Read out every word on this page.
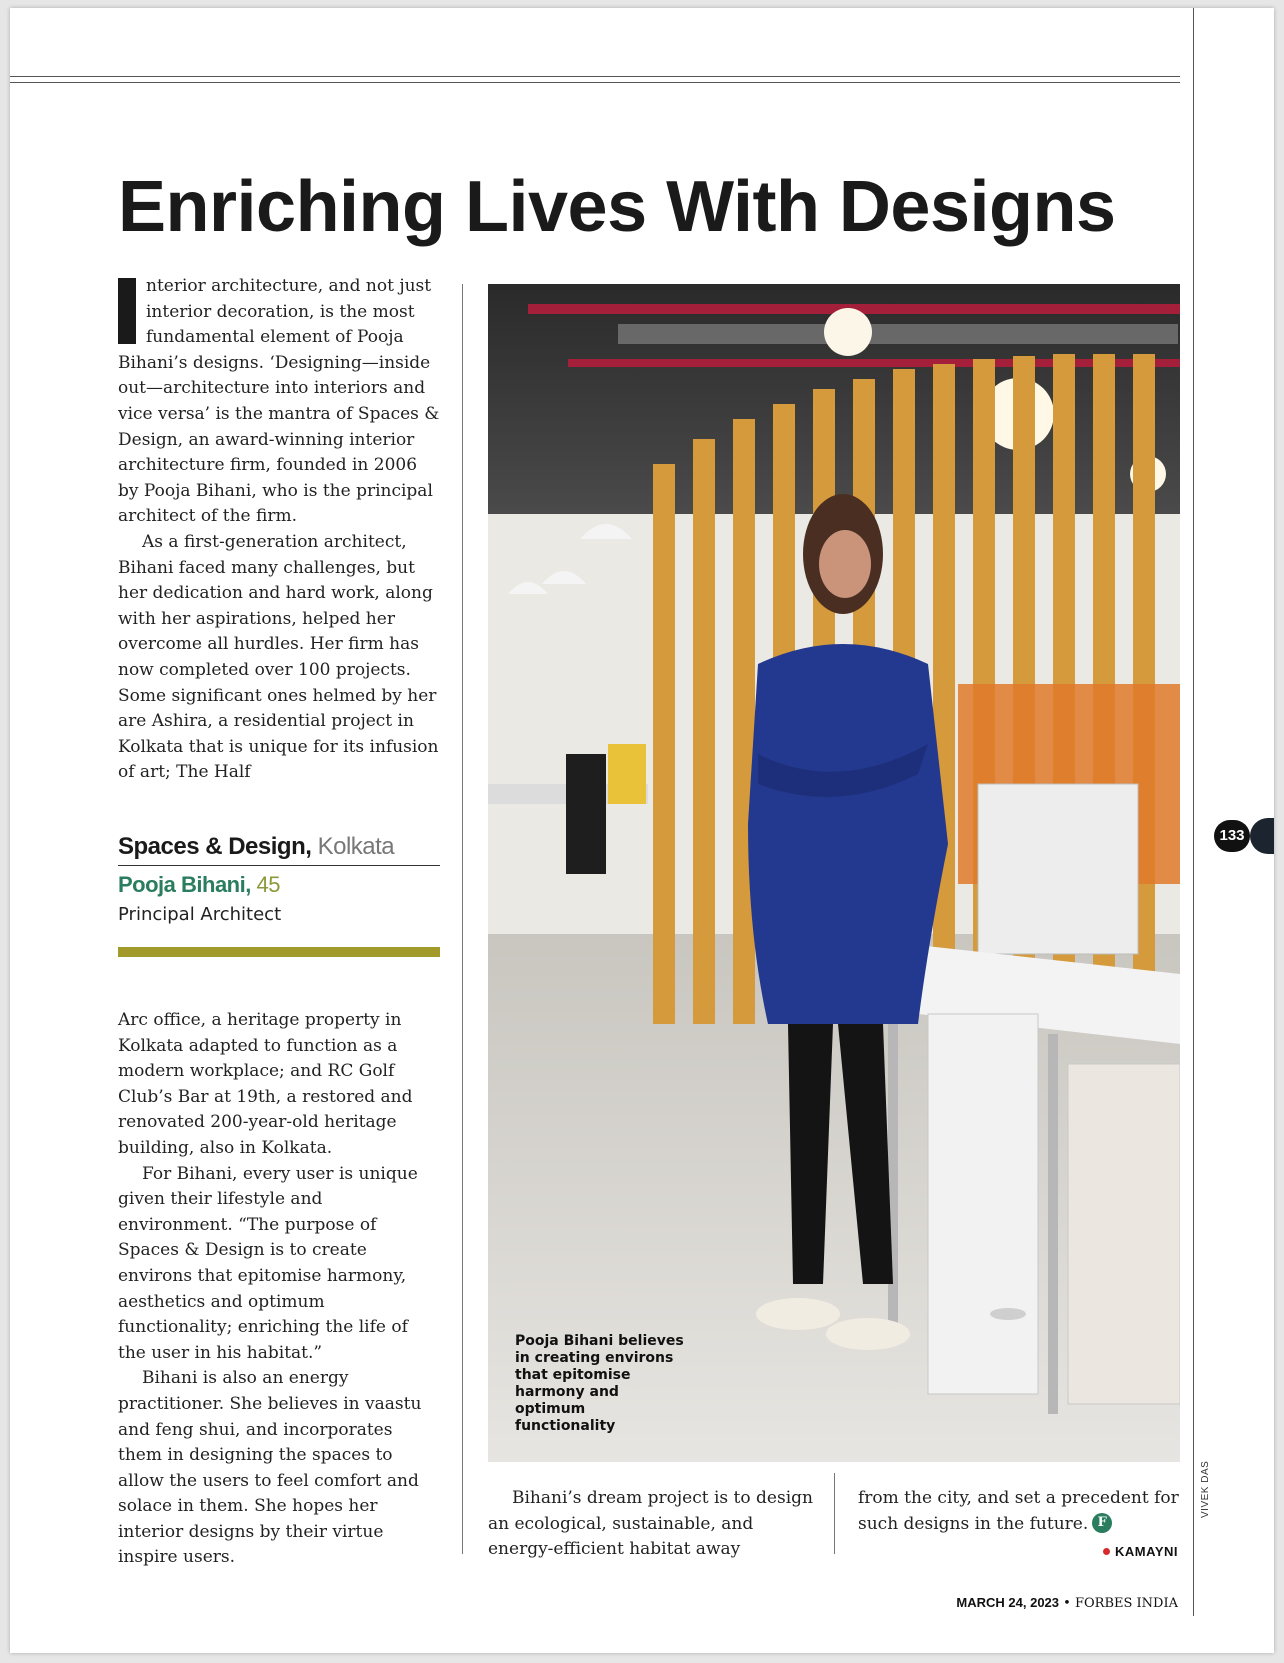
Enriching Lives With Designs

nterior architecture, and not just interior decoration, is the most fundamental element of Pooja Bihani’s designs. ‘Designing—inside out—architecture into interiors and vice versa’ is the mantra of Spaces & Design, an award-winning interior architecture firm, founded in 2006 by Pooja Bihani, who is the principal architect of the firm.

As a first-generation architect, Bihani faced many challenges, but her dedication and hard work, along with her aspirations, helped her overcome all hurdles. Her firm has now completed over 100 projects. Some significant ones helmed by her are Ashira, a residential project in Kolkata that is unique for its infusion of art; The Half

Spaces & Design, Kolkata
Pooja Bihani, 45
Principal Architect

Arc office, a heritage property in Kolkata adapted to function as a modern workplace; and RC Golf Club’s Bar at 19th, a restored and renovated 200-year-old heritage building, also in Kolkata.

For Bihani, every user is unique given their lifestyle and environment. “The purpose of Spaces & Design is to create environs that epitomise harmony, aesthetics and optimum functionality; enriching the life of the user in his habitat.”

Bihani is also an energy practitioner. She believes in vaastu and feng shui, and incorporates them in designing the spaces to allow the users to feel comfort and solace in them. She hopes her interior designs by their virtue inspire users.

Pooja Bihani believes in creating environs that epitomise harmony and optimum functionality

Bihani’s dream project is to design an ecological, sustainable, and energy-efficient habitat away

from the city, and set a precedent for such designs in the future. F

KAMAYNI
VIVEK DAS
133
MARCH 24, 2023 • FORBES INDIA
